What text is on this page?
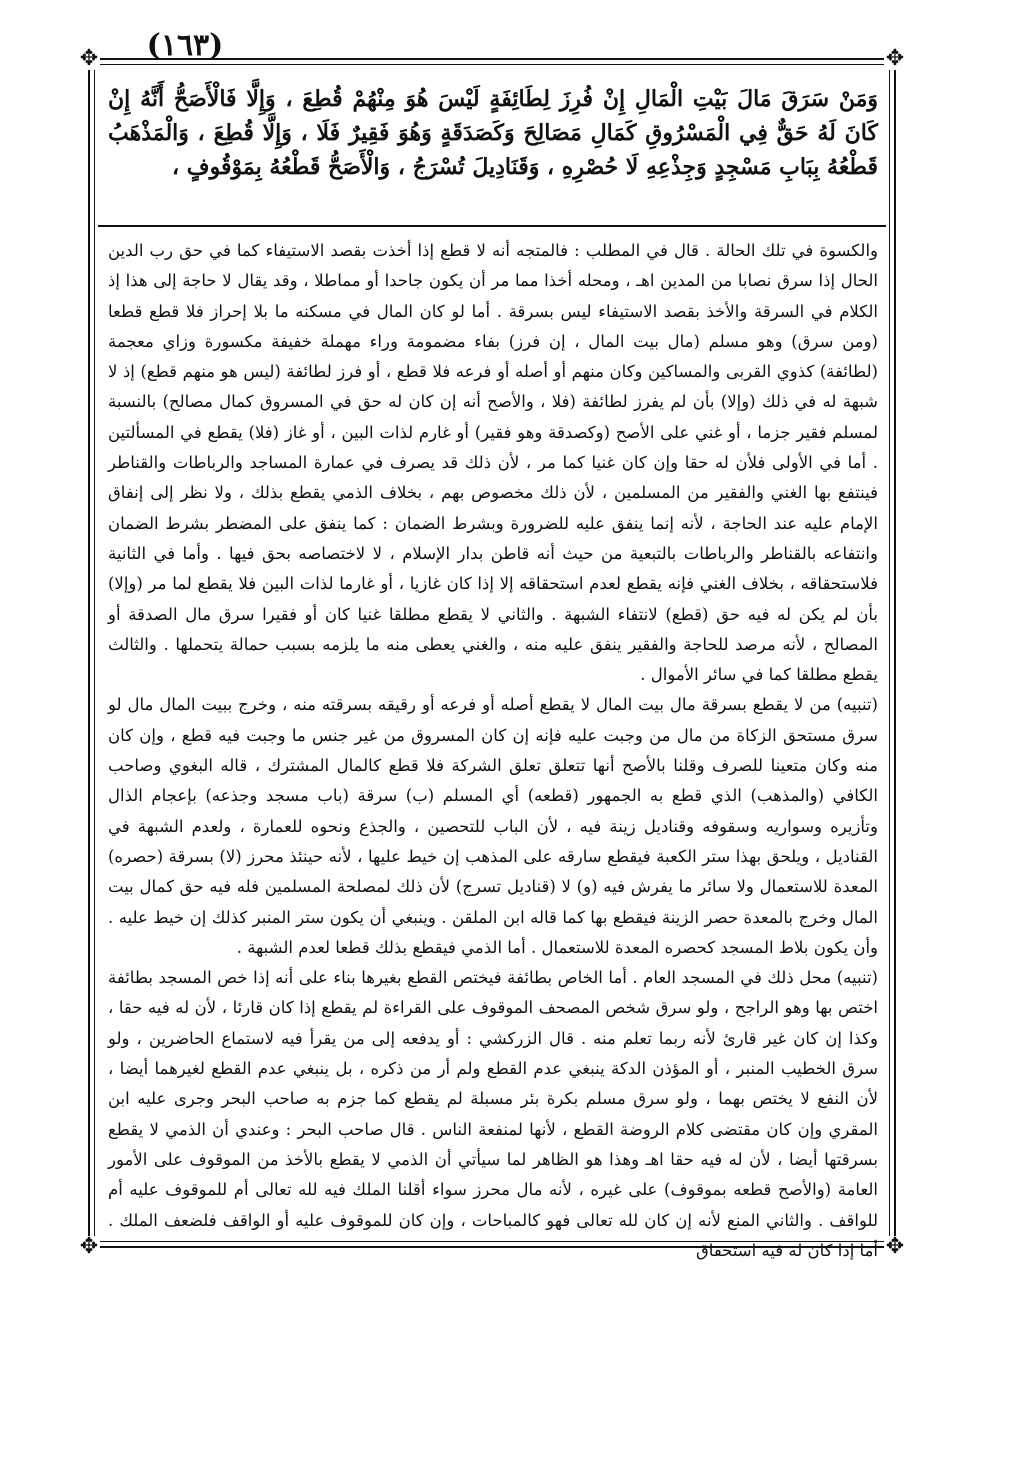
(١٦٣)
✥	✥
✥	✥
وَمَنْ سَرَقَ مَالَ بَيْتِ الْمَالِ إِنْ فُرِزَ لِطَائِفَةٍ لَيْسَ هُوَ مِنْهُمْ قُطِعَ ، وَإِلَّا فَالْأَصَحُّ أَنَّهُ إِنْ كَانَ لَهُ حَقٌّ فِي الْمَسْرُوقِ كَمَالِ مَصَالِحَ وَكَصَدَقَةٍ وَهُوَ فَقِيرٌ فَلَا ، وَإِلَّا قُطِعَ ، وَالْمَذْهَبُ قَطْعُهُ بِبَابِ مَسْجِدٍ وَجِذْعِهِ لَا حُصْرِهِ ، وَقَنَادِيلَ تُسْرَجُ ، وَالْأَصَحُّ قَطْعُهُ بِمَوْقُوفٍ ،

والكسوة في تلك الحالة . قال في المطلب : فالمتجه أنه لا قطع إذا أخذت بقصد الاستيفاء كما في حق رب الدين الحال إذا سرق نصابا من المدين اهـ ، ومحله أخذا مما مر أن يكون جاحدا أو مماطلا ، وقد يقال لا حاجة إلى هذا إذ الكلام في السرقة والأخذ بقصد الاستيفاء ليس بسرقة . أما لو كان المال في مسكنه ما بلا إحراز فلا قطع قطعا (ومن سرق) وهو مسلم (مال بيت المال ، إن فرز) بفاء مضمومة وراء مهملة خفيفة مكسورة وزاي معجمة (لطائفة) كذوي القربى والمساكين وكان منهم أو أصله أو فرعه فلا قطع ، أو فرز لطائفة (ليس هو منهم قطع) إذ لا شبهة له في ذلك (وإلا) بأن لم يفرز لطائفة (فلا ، والأصح أنه إن كان له حق في المسروق كمال مصالح) بالنسبة لمسلم فقير جزما ، أو غني على الأصح (وكصدقة وهو فقير) أو غارم لذات البين ، أو غاز (فلا) يقطع في المسألتين . أما في الأولى فلأن له حقا وإن كان غنيا كما مر ، لأن ذلك قد يصرف في عمارة المساجد والرباطات والقناطر فينتفع بها الغني والفقير من المسلمين ، لأن ذلك مخصوص بهم ، بخلاف الذمي يقطع بذلك ، ولا نظر إلى إنفاق الإمام عليه عند الحاجة ، لأنه إنما ينفق عليه للضرورة وبشرط الضمان : كما ينفق على المضطر بشرط الضمان وانتفاعه بالقناطر والرباطات بالتبعية من حيث أنه قاطن بدار الإسلام ، لا لاختصاصه بحق فيها . وأما في الثانية فلاستحقاقه ، بخلاف الغني فإنه يقطع لعدم استحقاقه إلا إذا كان غازيا ، أو غارما لذات البين فلا يقطع لما مر (وإلا) بأن لم يكن له فيه حق (قطع) لانتفاء الشبهة . والثاني لا يقطع مطلقا غنيا كان أو فقيرا سرق مال الصدقة أو المصالح ، لأنه مرصد للحاجة والفقير ينفق عليه منه ، والغني يعطى منه ما يلزمه بسبب حمالة يتحملها . والثالث يقطع مطلقا كما في سائر الأموال .

(تنبيه) من لا يقطع بسرقة مال بيت المال لا يقطع أصله أو فرعه أو رقيقه بسرقته منه ، وخرج ببيت المال مال لو سرق مستحق الزكاة من مال من وجبت عليه فإنه إن كان المسروق من غير جنس ما وجبت فيه قطع ، وإن كان منه وكان متعينا للصرف وقلنا بالأصح أنها تتعلق تعلق الشركة فلا قطع كالمال المشترك ، قاله البغوي وصاحب الكافي (والمذهب) الذي قطع به الجمهور (قطعه) أي المسلم (ب) سرقة (باب مسجد وجذعه) بإعجام الذال وتأزيره وسواريه وسقوفه وقناديل زينة فيه ، لأن الباب للتحصين ، والجذع ونحوه للعمارة ، ولعدم الشبهة في القناديل ، ويلحق بهذا ستر الكعبة فيقطع سارقه على المذهب إن خيط عليها ، لأنه حينئذ محرز (لا) بسرقة (حصره) المعدة للاستعمال ولا سائر ما يفرش فيه (و) لا (قناديل تسرج) لأن ذلك لمصلحة المسلمين فله فيه حق كمال بيت المال وخرج بالمعدة حصر الزينة فيقطع بها كما قاله ابن الملقن . وينبغي أن يكون ستر المنبر كذلك إن خيط عليه . وأن يكون بلاط المسجد كحصره المعدة للاستعمال . أما الذمي فيقطع بذلك قطعا لعدم الشبهة .

(تنبيه) محل ذلك في المسجد العام . أما الخاص بطائفة فيختص القطع بغيرها بناء على أنه إذا خص المسجد بطائفة اختص بها وهو الراجح ، ولو سرق شخص المصحف الموقوف على القراءة لم يقطع إذا كان قارئا ، لأن له فيه حقا ، وكذا إن كان غير قارئ لأنه ربما تعلم منه . قال الزركشي : أو يدفعه إلى من يقرأ فيه لاستماع الحاضرين ، ولو سرق الخطيب المنبر ، أو المؤذن الدكة ينبغي عدم القطع ولم أر من ذكره ، بل ينبغي عدم القطع لغيرهما أيضا ، لأن النفع لا يختص بهما ، ولو سرق مسلم بكرة بئر مسبلة لم يقطع كما جزم به صاحب البحر وجرى عليه ابن المقري وإن كان مقتضى كلام الروضة القطع ، لأنها لمنفعة الناس . قال صاحب البحر : وعندي أن الذمي لا يقطع بسرقتها أيضا ، لأن له فيه حقا اهـ وهذا هو الظاهر لما سيأتي أن الذمي لا يقطع بالأخذ من الموقوف على الأمور العامة (والأصح قطعه بموقوف) على غيره ، لأنه مال محرز سواء أقلنا الملك فيه لله تعالى أم للموقوف عليه أم للواقف . والثاني المنع لأنه إن كان لله تعالى فهو كالمباحات ، وإن كان للموقوف عليه أو الواقف فلضعف الملك . أما إذا كان له فيه استحقاق
